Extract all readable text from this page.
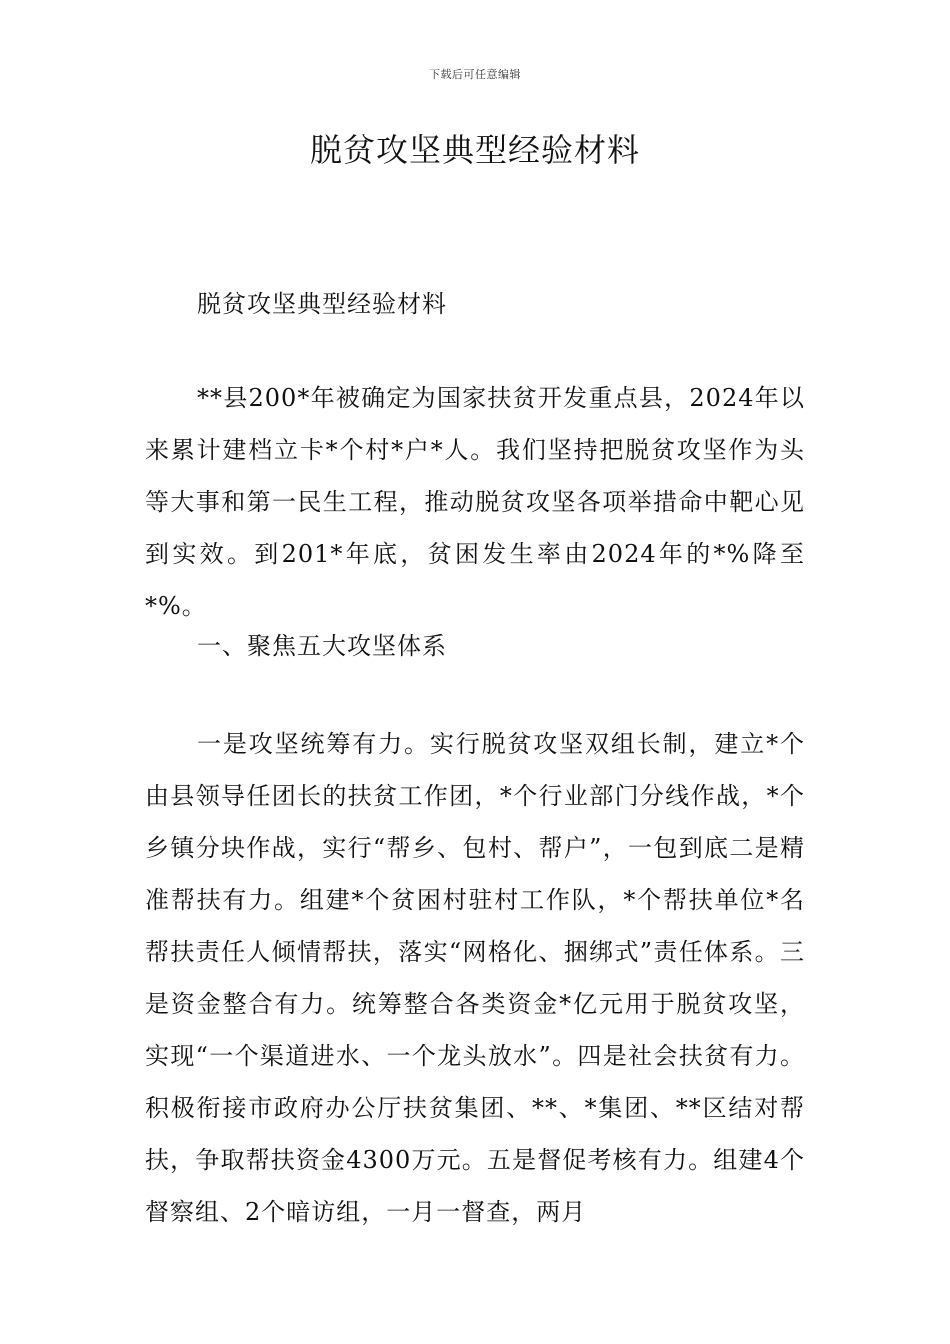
下载后可任意编辑
脱贫攻坚典型经验材料

脱贫攻坚典型经验材料

**县200*年被确定为国家扶贫开发重点县，2024年以来累计建档立卡*个村*户*人。我们坚持把脱贫攻坚作为头等大事和第一民生工程，推动脱贫攻坚各项举措命中靶心见到实效。到201*年底，贫困发生率由2024年的*%降至*%。

一、聚焦五大攻坚体系

一是攻坚统筹有力。实行脱贫攻坚双组长制，建立*个由县领导任团长的扶贫工作团，*个行业部门分线作战，*个乡镇分块作战，实行“帮乡、包村、帮户”，一包到底二是精准帮扶有力。组建*个贫困村驻村工作队，*个帮扶单位*名帮扶责任人倾情帮扶，落实“网格化、捆绑式”责任体系。三是资金整合有力。统筹整合各类资金*亿元用于脱贫攻坚，实现“一个渠道进水、一个龙头放水”。四是社会扶贫有力。积极衔接市政府办公厅扶贫集团、**、*集团、**区结对帮扶，争取帮扶资金4300万元。五是督促考核有力。组建4个督察组、2个暗访组，一月一督查，两月
